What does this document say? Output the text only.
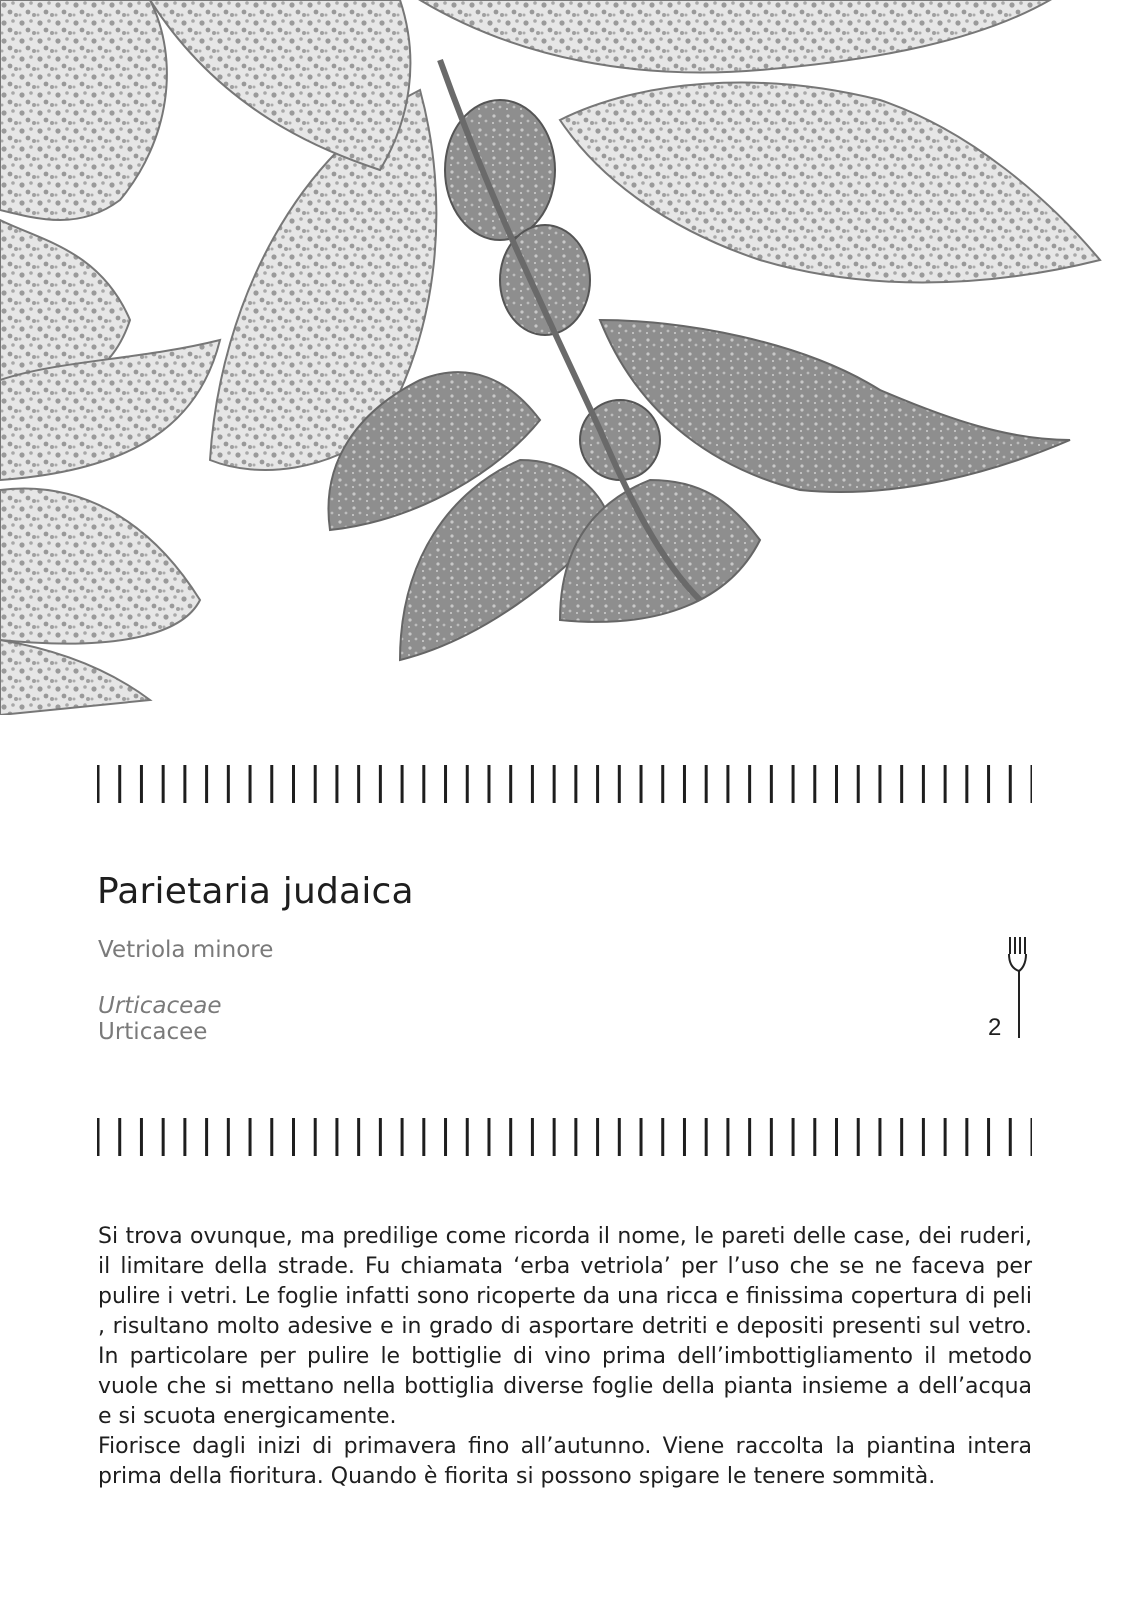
Parietaria judaica
Vetriola minore
Urticaceae
Urticacee	2

Si trova ovunque, ma predilige come ricorda il nome, le pareti delle case, dei ruderi, il limitare della strade. Fu chiamata ‘erba vetriola’ per l’uso che se ne faceva per pulire i vetri. Le foglie infatti sono ricoperte da una ricca e finissima copertura di peli , risultano molto adesive e in grado di asportare detriti e depositi presenti sul vetro. In particolare per pulire le bottiglie di vino prima dell’imbottigliamento il metodo vuole che si mettano nella bottiglia diverse foglie della pianta insieme a dell’acqua e si scuota energicamente.

Fiorisce dagli inizi di primavera fino all’autunno. Viene raccolta la piantina intera prima della fioritura. Quando è fiorita si possono spigare le tenere sommità.
